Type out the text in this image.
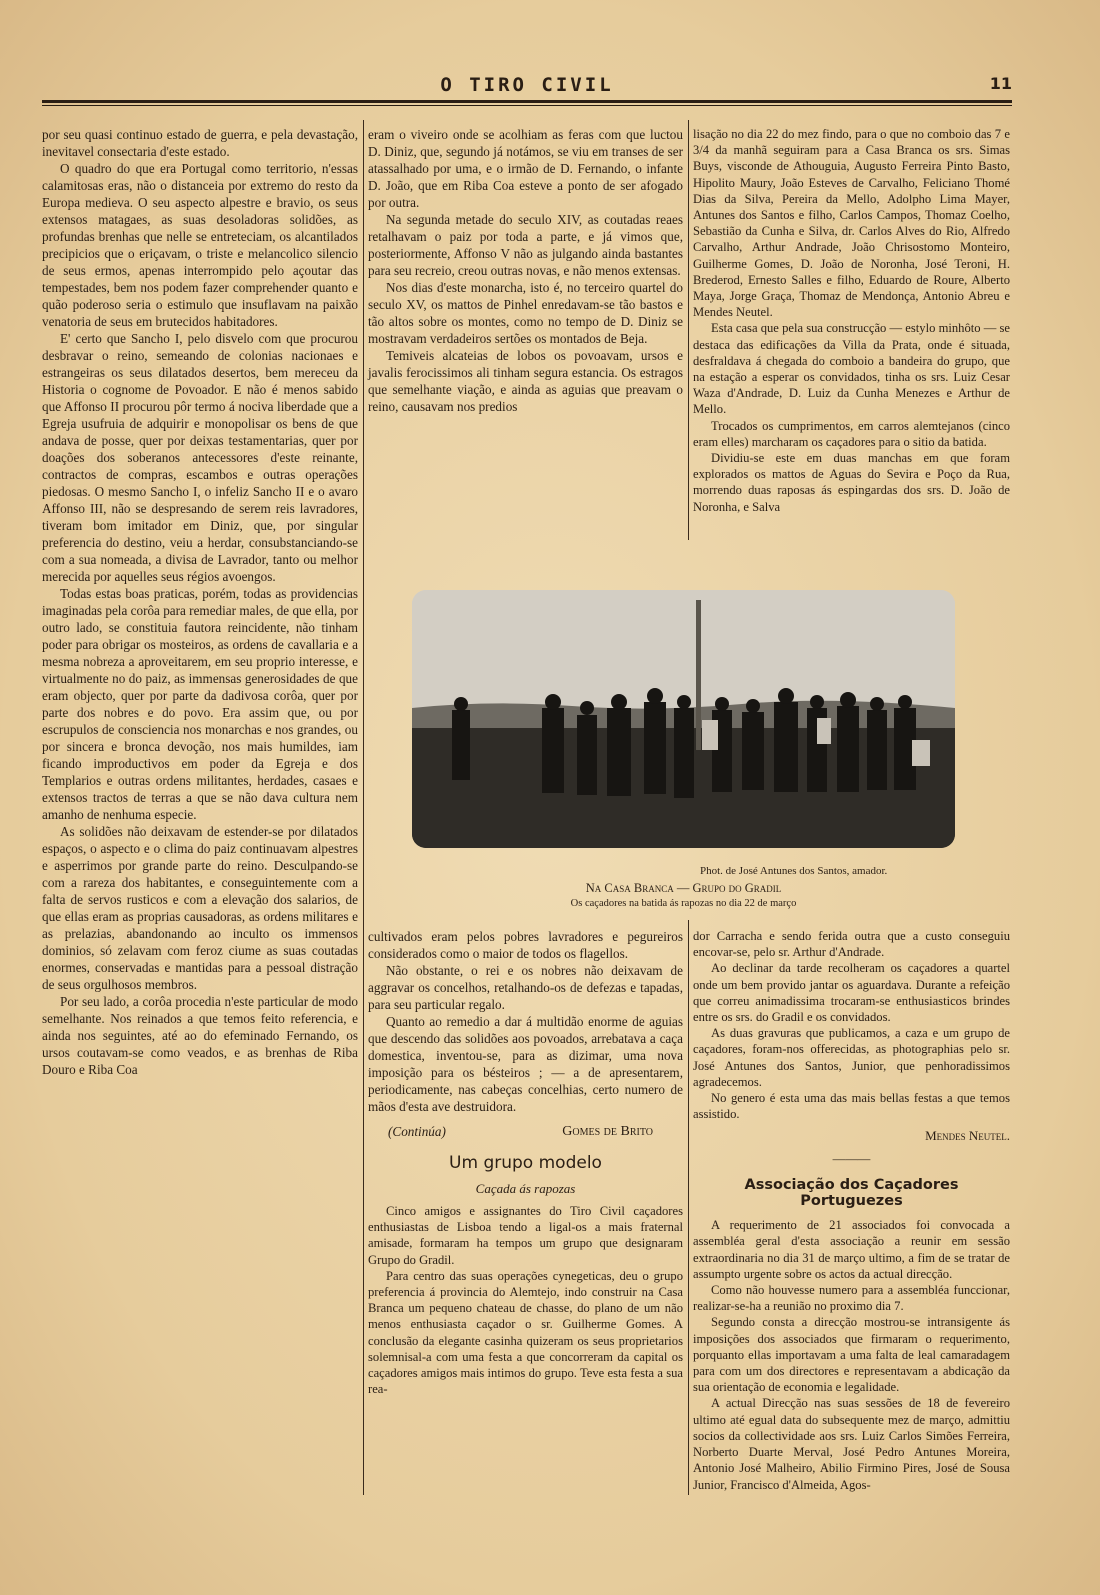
O TIRO CIVIL	11

por seu quasi continuo estado de guerra, e pela devastação, inevitavel consectaria d'este estado.

O quadro do que era Portugal como territorio, n'essas calamitosas eras, não o distanceia por extremo do resto da Europa medieva. O seu aspecto alpestre e bravio, os seus extensos matagaes, as suas desoladoras solidões, as profundas brenhas que nelle se entreteciam, os alcantilados precipicios que o eriçavam, o triste e melancolico silencio de seus ermos, apenas interrompido pelo açoutar das tempestades, bem nos podem fazer comprehender quanto e quão poderoso seria o estimulo que insuflavam na paixão venatoria de seus em brutecidos habitadores.

E' certo que Sancho I, pelo disvelo com que procurou desbravar o reino, semeando de colonias nacionaes e estrangeiras os seus dilatados desertos, bem mereceu da Historia o cognome de Povoador. E não é menos sabido que Affonso II procurou pôr termo á nociva liberdade que a Egreja usufruia de adquirir e monopolisar os bens de que andava de posse, quer por deixas testamentarias, quer por doações dos soberanos antecessores d'este reinante, contractos de compras, escambos e outras operações piedosas. O mesmo Sancho I, o infeliz Sancho II e o avaro Affonso III, não se despresando de serem reis lavradores, tiveram bom imitador em Diniz, que, por singular preferencia do destino, veiu a herdar, consubstanciando-se com a sua nomeada, a divisa de Lavrador, tanto ou melhor merecida por aquelles seus régios avoengos.

Todas estas boas praticas, porém, todas as providencias imaginadas pela corôa para remediar males, de que ella, por outro lado, se constituia fautora reincidente, não tinham poder para obrigar os mosteiros, as ordens de cavallaria e a mesma nobreza a aproveitarem, em seu proprio interesse, e virtualmente no do paiz, as immensas generosidades de que eram objecto, quer por parte da dadivosa corôa, quer por parte dos nobres e do povo. Era assim que, ou por escrupulos de consciencia nos monarchas e nos grandes, ou por sincera e bronca devoção, nos mais humildes, iam ficando improductivos em poder da Egreja e dos Templarios e outras ordens militantes, herdades, casaes e extensos tractos de terras a que se não dava cultura nem amanho de nenhuma especie.

As solidões não deixavam de estender-se por dilatados espaços, o aspecto e o clima do paiz continuavam alpestres e asperrimos por grande parte do reino. Desculpando-se com a rareza dos habitantes, e conseguintemente com a falta de servos rusticos e com a elevação dos salarios, de que ellas eram as proprias causadoras, as ordens militares e as prelazias, abandonando ao inculto os immensos dominios, só zelavam com feroz ciume as suas coutadas enormes, conservadas e mantidas para a pessoal distração de seus orgulhosos membros.

Por seu lado, a corôa procedia n'este particular de modo semelhante. Nos reinados a que temos feito referencia, e ainda nos seguintes, até ao do efeminado Fernando, os ursos coutavam-se como veados, e as brenhas de Riba Douro e Riba Coa

eram o viveiro onde se acolhiam as feras com que luctou D. Diniz, que, segundo já notámos, se viu em transes de ser atassalhado por uma, e o irmão de D. Fernando, o infante D. João, que em Riba Coa esteve a ponto de ser afogado por outra.

Na segunda metade do seculo XIV, as coutadas reaes retalhavam o paiz por toda a parte, e já vimos que, posteriormente, Affonso V não as julgando ainda bastantes para seu recreio, creou outras novas, e não menos extensas.

Nos dias d'este monarcha, isto é, no terceiro quartel do seculo XV, os mattos de Pinhel enredavam-se tão bastos e tão altos sobre os montes, como no tempo de D. Diniz se mostravam verdadeiros sertões os montados de Beja.

Temiveis alcateias de lobos os povoavam, ursos e javalis ferocissimos ali tinham segura estancia. Os estragos que semelhante viação, e ainda as aguias que preavam o reino, causavam nos predios

lisação no dia 22 do mez findo, para o que no comboio das 7 e 3/4 da manhã seguiram para a Casa Branca os srs. Simas Buys, visconde de Athouguia, Augusto Ferreira Pinto Basto, Hipolito Maury, João Esteves de Carvalho, Feliciano Thomé Dias da Silva, Pereira da Mello, Adolpho Lima Mayer, Antunes dos Santos e filho, Carlos Campos, Thomaz Coelho, Sebastião da Cunha e Silva, dr. Carlos Alves do Rio, Alfredo Carvalho, Arthur Andrade, João Chrisostomo Monteiro, Guilherme Gomes, D. João de Noronha, José Teroni, H. Brederod, Ernesto Salles e filho, Eduardo de Roure, Alberto Maya, Jorge Graça, Thomaz de Mendonça, Antonio Abreu e Mendes Neutel.

Esta casa que pela sua construcção — estylo minhôto — se destaca das edificações da Villa da Prata, onde é situada, desfraldava á chegada do comboio a bandeira do grupo, que na estação a esperar os convidados, tinha os srs. Luiz Cesar Waza d'Andrade, D. Luiz da Cunha Menezes e Arthur de Mello.

Trocados os cumprimentos, em carros alemtejanos (cinco eram elles) marcharam os caçadores para o sitio da batida.

Dividiu-se este em duas manchas em que foram explorados os mattos de Aguas do Sevira e Poço da Rua, morrendo duas raposas ás espingardas dos srs. D. João de Noronha, e Salva

Phot. de José Antunes dos Santos, amador.
Na Casa Branca — Grupo do Gradil
Os caçadores na batida ás rapozas no dia 22 de março

cultivados eram pelos pobres lavradores e pegureiros considerados como o maior de todos os flagellos.

Não obstante, o rei e os nobres não deixavam de aggravar os concelhos, retalhando-os de defezas e tapadas, para seu particular regalo.

Quanto ao remedio a dar á multidão enorme de aguias que descendo das solidões aos povoados, arrebatava a caça domestica, inventou-se, para as dizimar, uma nova imposição para os bésteiros ; — a de apresentarem, periodicamente, nas cabeças concelhias, certo numero de mãos d'esta ave destruidora.

(Continúa)	Gomes de Brito
Um grupo modelo
Caçada ás rapozas

Cinco amigos e assignantes do Tiro Civil caçadores enthusiastas de Lisboa tendo a ligal-os a mais fraternal amisade, formaram ha tempos um grupo que designaram Grupo do Gradil.

Para centro das suas operações cynegeticas, deu o grupo preferencia á provincia do Alemtejo, indo construir na Casa Branca um pequeno chateau de chasse, do plano de um não menos enthusiasta caçador o sr. Guilherme Gomes. A conclusão da elegante casinha quizeram os seus proprietarios solemnisal-a com uma festa a que concorreram da capital os caçadores amigos mais intimos do grupo. Teve esta festa a sua rea-

dor Carracha e sendo ferida outra que a custo conseguiu encovar-se, pelo sr. Arthur d'Andrade.

Ao declinar da tarde recolheram os caçadores a quartel onde um bem provido jantar os aguardava. Durante a refeição que correu animadissima trocaram-se enthusiasticos brindes entre os srs. do Gradil e os convidados.

As duas gravuras que publicamos, a caza e um grupo de caçadores, foram-nos offerecidas, as photographias pelo sr. José Antunes dos Santos, Junior, que penhoradissimos agradecemos.

No genero é esta uma das mais bellas festas a que temos assistido.

Mendes Neutel.
———
Associação dos Caçadores Portuguezes

A requerimento de 21 associados foi convocada a assembléa geral d'esta associação a reunir em sessão extraordinaria no dia 31 de março ultimo, a fim de se tratar de assumpto urgente sobre os actos da actual direcção.

Como não houvesse numero para a assembléa funccionar, realizar-se-ha a reunião no proximo dia 7.

Segundo consta a direcção mostrou-se intransigente ás imposições dos associados que firmaram o requerimento, porquanto ellas importavam a uma falta de leal camaradagem para com um dos directores e representavam a abdicação da sua orientação de economia e legalidade.

A actual Direcção nas suas sessões de 18 de fevereiro ultimo até egual data do subsequente mez de março, admittiu socios da collectividade aos srs. Luiz Carlos Simões Ferreira, Norberto Duarte Merval, José Pedro Antunes Moreira, Antonio José Malheiro, Abilio Firmino Pires, José de Sousa Junior, Francisco d'Almeida, Agos-
